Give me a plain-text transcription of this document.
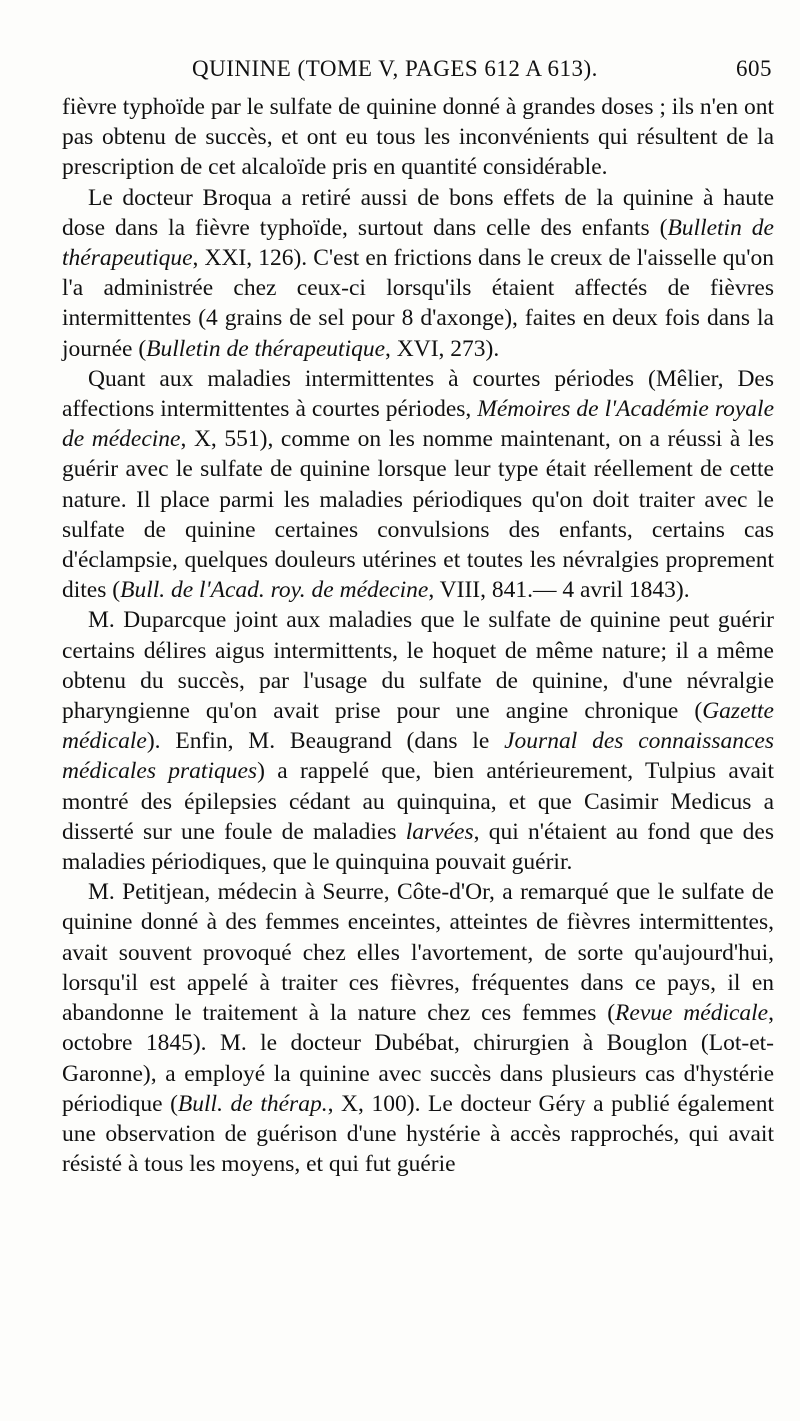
QUININE (TOME V, PAGES 612 A 613).	605

fièvre typhoïde par le sulfate de quinine donné à grandes doses ; ils n'en ont pas obtenu de succès, et ont eu tous les inconvénients qui résultent de la prescription de cet alcaloïde pris en quantité considérable.

Le docteur Broqua a retiré aussi de bons effets de la quinine à haute dose dans la fièvre typhoïde, surtout dans celle des enfants (Bulletin de thérapeutique, XXI, 126). C'est en frictions dans le creux de l'aisselle qu'on l'a administrée chez ceux-ci lorsqu'ils étaient affectés de fièvres intermittentes (4 grains de sel pour 8 d'axonge), faites en deux fois dans la journée (Bulletin de thérapeutique, XVI, 273).

Quant aux maladies intermittentes à courtes périodes (Mêlier, Des affections intermittentes à courtes périodes, Mémoires de l'Académie royale de médecine, X, 551), comme on les nomme maintenant, on a réussi à les guérir avec le sulfate de quinine lorsque leur type était réellement de cette nature. Il place parmi les maladies périodiques qu'on doit traiter avec le sulfate de quinine certaines convulsions des enfants, certains cas d'éclampsie, quelques douleurs utérines et toutes les névralgies proprement dites (Bull. de l'Acad. roy. de médecine, VIII, 841.— 4 avril 1843).

M. Duparcque joint aux maladies que le sulfate de quinine peut guérir certains délires aigus intermittents, le hoquet de même nature; il a même obtenu du succès, par l'usage du sulfate de quinine, d'une névralgie pharyngienne qu'on avait prise pour une angine chronique (Gazette médicale). Enfin, M. Beaugrand (dans le Journal des connaissances médicales pratiques) a rappelé que, bien antérieurement, Tulpius avait montré des épilepsies cédant au quinquina, et que Casimir Medicus a disserté sur une foule de maladies larvées, qui n'étaient au fond que des maladies périodiques, que le quinquina pouvait guérir.

M. Petitjean, médecin à Seurre, Côte-d'Or, a remarqué que le sulfate de quinine donné à des femmes enceintes, atteintes de fièvres intermittentes, avait souvent provoqué chez elles l'avortement, de sorte qu'aujourd'hui, lorsqu'il est appelé à traiter ces fièvres, fréquentes dans ce pays, il en abandonne le traitement à la nature chez ces femmes (Revue médicale, octobre 1845). M. le docteur Dubébat, chirurgien à Bouglon (Lot-et-Garonne), a employé la quinine avec succès dans plusieurs cas d'hystérie périodique (Bull. de thérap., X, 100). Le docteur Géry a publié également une observation de guérison d'une hystérie à accès rapprochés, qui avait résisté à tous les moyens, et qui fut guérie
